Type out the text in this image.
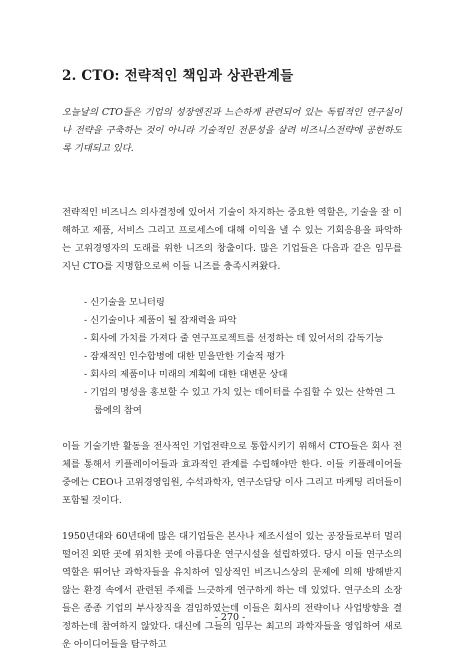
2. CTO: 전략적인 책임과 상관관계들

오늘날의 CTO들은 기업의 성장엔진과 느슨하게 관련되어 있는 독립적인 연구실이나 전략을 구축하는 것이 아니라 기술적인 전문성을 살려 비즈니스전략에 공헌하도록 기대되고 있다.

전략적인 비즈니스 의사결정에 있어서 기술이 차지하는 중요한 역할은, 기술을 잘 이해하고 제품, 서비스 그리고 프로세스에 대해 이익을 낼 수 있는 기회응용을 파악하는 고위경영자의 도래를 위한 니즈의 창출이다. 많은 기업들은 다음과 같은 임무를 지닌 CTO를 지명함으로써 이들 니즈를 충족시켜왔다.

- 신기술을 모니터링
- 신기술이나 제품이 될 잠재력을 파악
- 회사에 가치를 가져다 줄 연구프로젝트를 선정하는 데 있어서의 감독기능
- 잠재적인 인수합병에 대한 믿을만한 기술적 평가
- 회사의 제품이나 미래의 계획에 대한 대변문 상대
- 기업의 명성을 홍보할 수 있고 가치 있는 데이터를 수집할 수 있는 산학연 그룹에의 참여

이들 기술기반 활동을 전사적인 기업전략으로 통합시키기 위해서 CTO들은 회사 전체를 통해서 키플레이어들과 효과적인 관계를 수립해야만 한다. 이들 키플레이어들 중에는 CEO나 고위경영임원, 수석과학자, 연구소담당 이사 그리고 마케팅 리더들이 포함될 것이다.

1950년대와 60년대에 많은 대기업들은 본사나 제조시설이 있는 공장들로부터 멀리 떨어진 외딴 곳에 위치한 곳에 아름다운 연구시설을 설립하였다. 당시 이들 연구소의 역할은 뛰어난 과학자들을 유치하여 일상적인 비즈니스상의 문제에 의해 방해받지 않는 환경 속에서 관련된 주제를 느긋하게 연구하게 하는 데 있었다. 연구소의 소장들은 종종 기업의 부사장직을 겸임하였는데 이들은 회사의 전략이나 사업방향을 결정하는데 참여하지 않았다. 대신에 그들의 임무는 최고의 과학자들을 영입하여 새로운 아이디어들을 탐구하고

- 270 -
